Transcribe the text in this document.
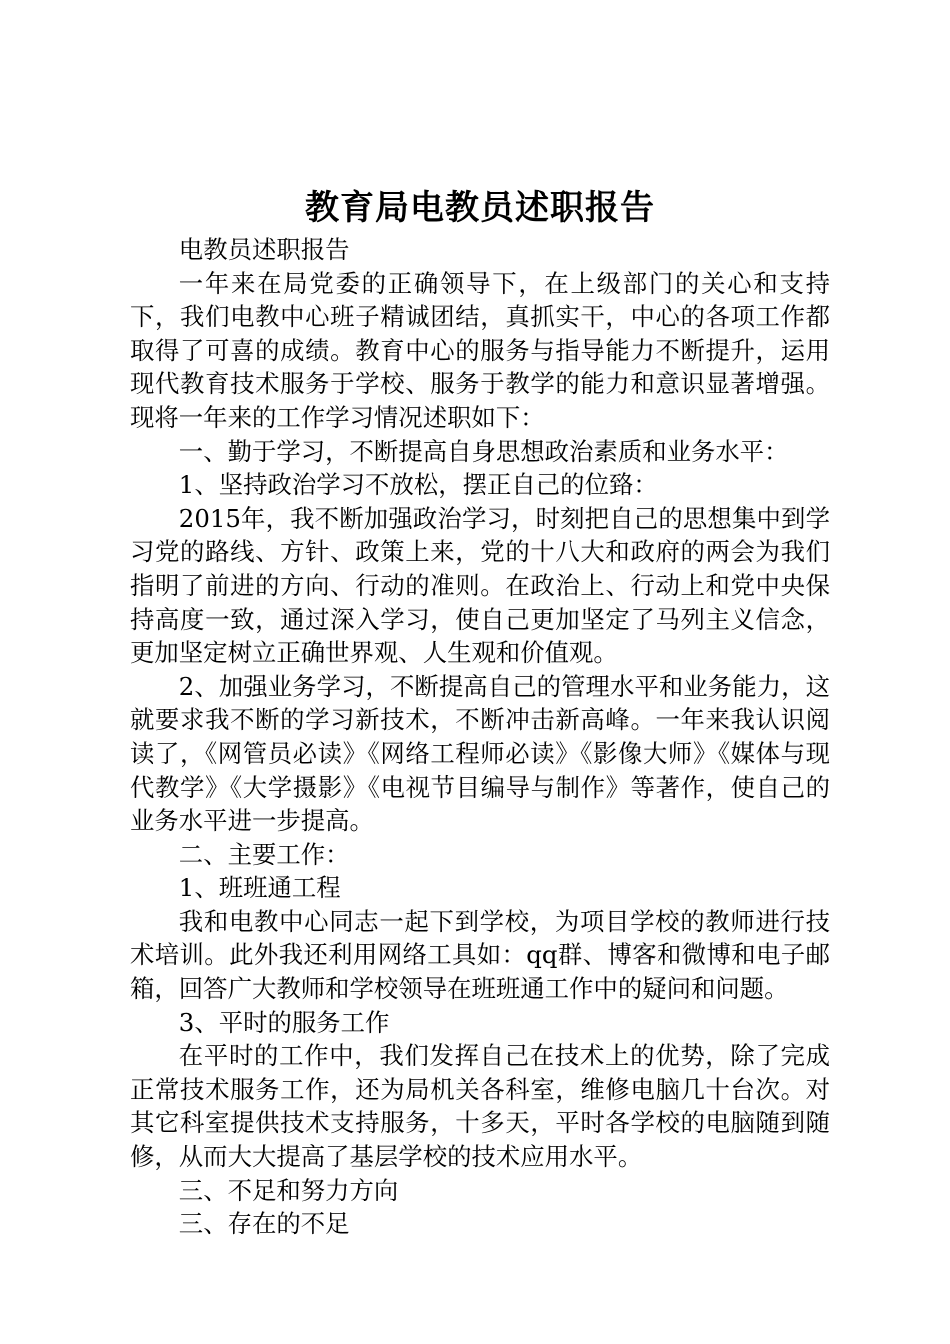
教育局电教员述职报告

电教员述职报告

一年来在局党委的正确领导下，在上级部门的关心和支持下，我们电教中心班子精诚团结，真抓实干，中心的各项工作都取得了可喜的成绩。教育中心的服务与指导能力不断提升，运用现代教育技术服务于学校、服务于教学的能力和意识显著增强。现将一年来的工作学习情况述职如下：

一、勤于学习，不断提高自身思想政治素质和业务水平：

1、坚持政治学习不放松，摆正自己的位臵：

2015年，我不断加强政治学习，时刻把自己的思想集中到学习党的路线、方针、政策上来，党的十八大和政府的两会为我们指明了前进的方向、行动的准则。在政治上、行动上和党中央保持高度一致，通过深入学习，使自己更加坚定了马列主义信念，更加坚定树立正确世界观、人生观和价值观。

2、加强业务学习，不断提高自己的管理水平和业务能力，这就要求我不断的学习新技术，不断冲击新高峰。一年来我认识阅读了，《网管员必读》《网络工程师必读》《影像大师》《媒体与现代教学》《大学摄影》《电视节目编导与制作》等著作，使自己的业务水平进一步提高。

二、主要工作：

1、班班通工程

我和电教中心同志一起下到学校，为项目学校的教师进行技术培训。此外我还利用网络工具如：qq群、博客和微博和电子邮箱，回答广大教师和学校领导在班班通工作中的疑问和问题。

3、平时的服务工作

在平时的工作中，我们发挥自己在技术上的优势，除了完成正常技术服务工作，还为局机关各科室，维修电脑几十台次。对其它科室提供技术支持服务，十多天，平时各学校的电脑随到随修，从而大大提高了基层学校的技术应用水平。

三、不足和努力方向

三、存在的不足
